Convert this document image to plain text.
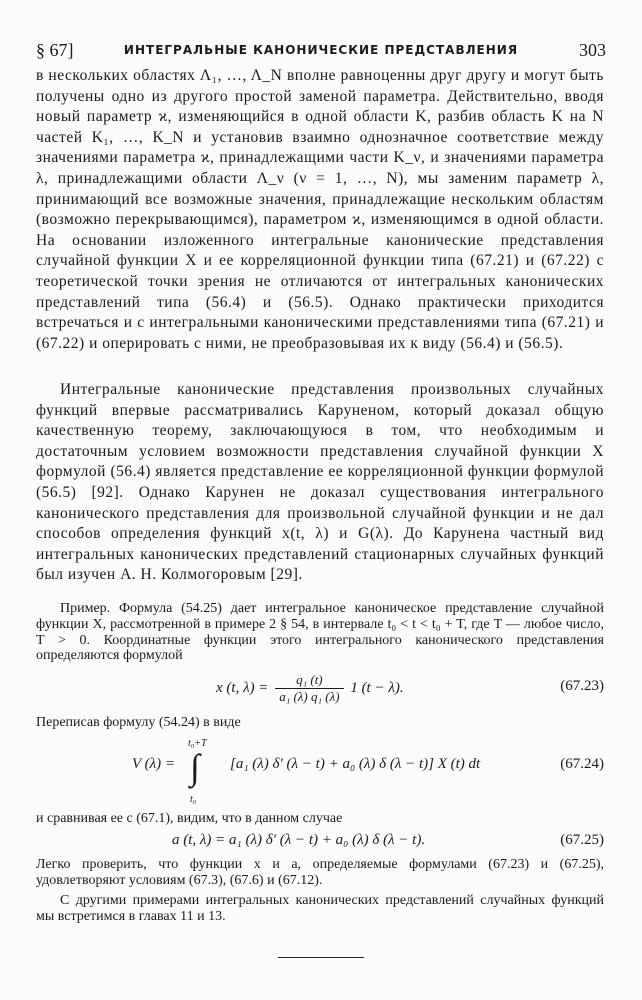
§ 67]	ИНТЕГРАЛЬНЫЕ КАНОНИЧЕСКИЕ ПРЕДСТАВЛЕНИЯ	303

в нескольких областях Λ₁, …, Λ_N вполне равноценны друг другу и могут быть получены одно из другого простой заменой параметра. Действительно, вводя новый параметр ϰ, изменяющийся в одной области K, разбив область K на N частей K₁, …, K_N и установив взаимно однозначное соответствие между значениями параметра ϰ, принадлежащими части K_ν, и значениями параметра λ, принадлежащими области Λ_ν (ν = 1, …, N), мы заменим параметр λ, принимающий все возможные значения, принадлежащие нескольким областям (возможно перекрывающимся), параметром ϰ, изменяющимся в одной области. На основании изложенного интегральные канонические представления случайной функции X и ее корреляционной функции типа (67.21) и (67.22) с теоретической точки зрения не отличаются от интегральных канонических представлений типа (56.4) и (56.5). Однако практически приходится встречаться и с интегральными каноническими представлениями типа (67.21) и (67.22) и оперировать с ними, не преобразовывая их к виду (56.4) и (56.5).

Интегральные канонические представления произвольных случайных функций впервые рассматривались Каруненом, который доказал общую качественную теорему, заключающуюся в том, что необходимым и достаточным условием возможности представления случайной функции X формулой (56.4) является представление ее корреляционной функции формулой (56.5) [92]. Однако Карунен не доказал существования интегрального канонического представления для произвольной случайной функции и не дал способов определения функций x(t, λ) и G(λ). До Карунена частный вид интегральных канонических представлений стационарных случайных функций был изучен А. Н. Колмогоровым [29].

Пример. Формула (54.25) дает интегральное каноническое представление случайной функции X, рассмотренной в примере 2 § 54, в интервале t₀ < t < t₀ + T, где T — любое число, T > 0. Координатные функции этого интегрального канонического представления определяются формулой

x (t, $\lambda) = \frac{\text{q₁ (t)}}{\text{a₁ (λ) q₁ (λ)}} 1$ (t − λ).	(67.23)

Переписав формулу (54.24) в виде

V (λ) =
t₀+T
∫
t₀
[a₁ (λ) δ′ (λ − t) + a₀ (λ) δ (λ − t)] X (t) dt	(67.24)

и сравнивая ее с (67.1), видим, что в данном случае

a (t, λ) = a₁ (λ) δ′ (λ − t) + a₀ (λ) δ (λ − t).	(67.25)

Легко проверить, что функции x и a, определяемые формулами (67.23) и (67.25), удовлетворяют условиям (67.3), (67.6) и (67.12).

С другими примерами интегральных канонических представлений случайных функций мы встретимся в главах 11 и 13.
